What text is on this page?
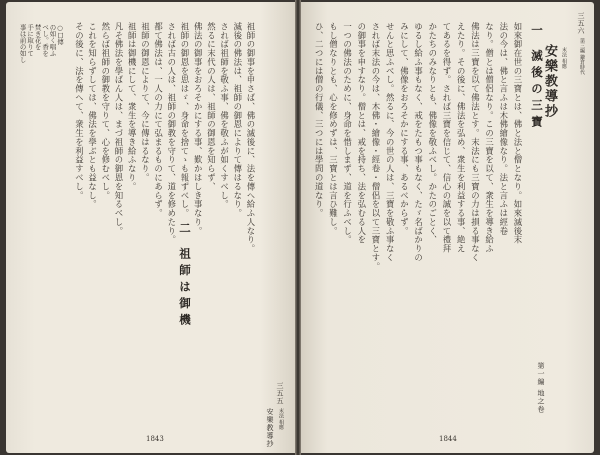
三五五
末法 相應
安樂教導抄
二 祖師は御機
祖師の御事を申さば、佛の滅後に、法を傳へ給ふ人なり。
滅後の佛法は、祖師の御恩によりて傳はるなり。
されば祖師を敬ふ事、佛を敬ふが如くすべし。
然るに末代の人は、祖師の御恩を知らず、
佛法の御事をおろそかにする事、歎かはしき事なり。
祖師の御恩を思はゞ、身命を捨てゝも報ずべし。
されば古の人は、祖師の御教を守りて、道を修めたり。
都て佛法は、一人の力にて弘まるものにあらず。
祖師の御恩によりて、今に傳はるなり。
祖師は御機にして、衆生を導き給ふなり。
凡そ佛法を學ばん人は、まづ祖師の御恩を知るべし。
然らば祖師の御教を守りて、心を修むべし。
これを知らずしては、佛法を學ぶとも益なし。
その後に、法を傳へて、衆生を利益すべし。
○口傳
の如く唱ふ
べし。香を
焚き花を
手に取りて
事は前の如し
1843
三五六
第三編 鎌倉時代
末法 相應
安樂教導抄
第一編 地之卷
一 滅後の三寶
如來御在世の三寶とは、佛と法と僧となり。如來滅後末
法の今は、佛と言ふは木佛繪像なり。法と言ふは經卷
なり。僧とは僧侶なり。この三寶を以て、衆生を導き給ふ
佛法は三寶を以て佛法とす。末法にも三寶の力は損る事なく
えたり。その後に、佛法を弘め、衆生を利益する事、絶え
てあるを得ず。されば三寶を信じて、信心の誠を以て禮拜
かたちのみなりとも、佛像を敬ふべし。かたのごとく、
ゆるし給ふ事もなく、戒をたもつ事もなく、たゞ名ばかりの
みにして、佛像をおろそかにする事、あるべからず。
せんと思ふべし。然るに、今の世の人は、三寶を敬ふ事なく
されば末法の今は、木佛・繪像・經卷・僧侶を以て三寶とす。
の御事を申すなり。僧とは、戒を持ち、法を弘むる人を
一つの佛法のために、身命を惜しまず、道を行ふべし。
もし僧なりとも、心を修めずは、三寶とは言ひ難し。
ひ、二つには僧の行儀、三つには學問の道なり。
1844
